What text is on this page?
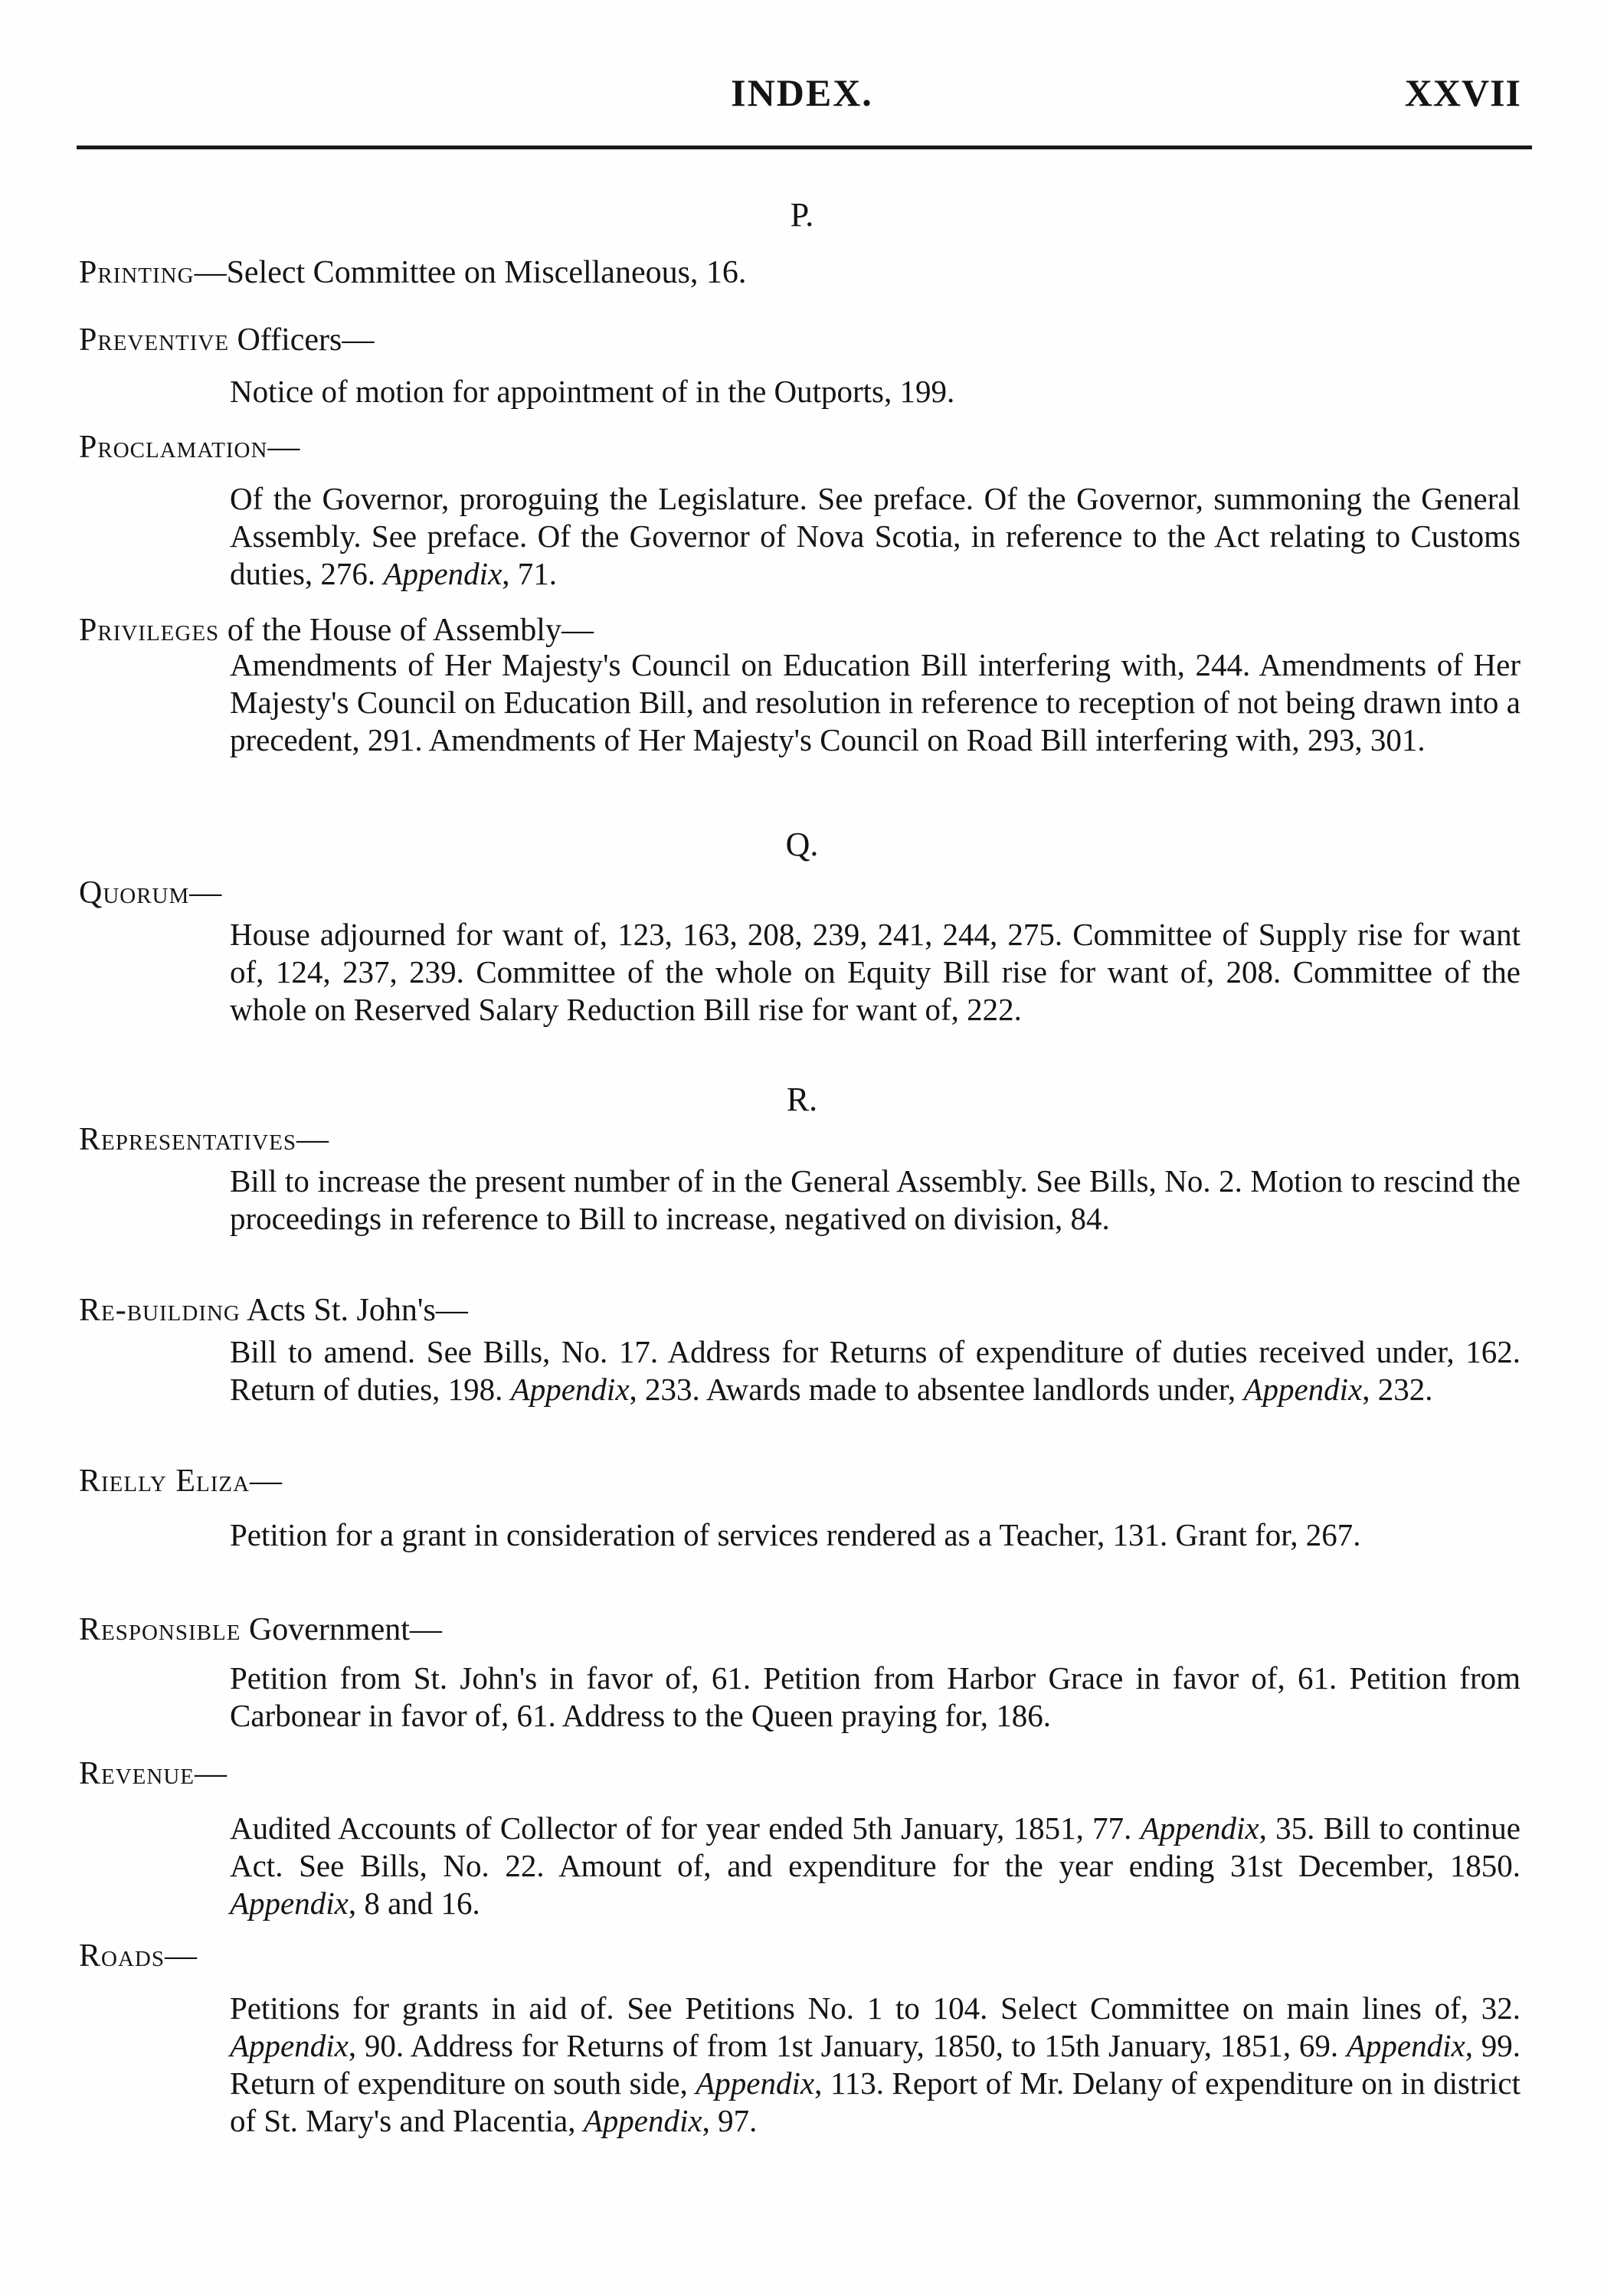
INDEX.	XXVII
P.
Printing—Select Committee on Miscellaneous, 16.
Preventive Officers—
Notice of motion for appointment of in the Outports, 199.
Proclamation—
Of the Governor, proroguing the Legislature. See preface. Of the Governor, summoning the General Assembly. See preface. Of the Governor of Nova Scotia, in reference to the Act relating to Customs duties, 276. Appendix, 71.
Privileges of the House of Assembly—
Amendments of Her Majesty's Council on Education Bill interfering with, 244. Amendments of Her Majesty's Council on Education Bill, and resolution in reference to reception of not being drawn into a precedent, 291. Amendments of Her Majesty's Council on Road Bill interfering with, 293, 301.
Q.
Quorum—
House adjourned for want of, 123, 163, 208, 239, 241, 244, 275. Committee of Supply rise for want of, 124, 237, 239. Committee of the whole on Equity Bill rise for want of, 208. Committee of the whole on Reserved Salary Reduction Bill rise for want of, 222.
R.
Representatives—
Bill to increase the present number of in the General Assembly. See Bills, No. 2. Motion to rescind the proceedings in reference to Bill to increase, negatived on division, 84.
Re-building Acts St. John's—
Bill to amend. See Bills, No. 17. Address for Returns of expenditure of duties received under, 162. Return of duties, 198. Appendix, 233. Awards made to absentee landlords under, Appendix, 232.
Rielly Eliza—
Petition for a grant in consideration of services rendered as a Teacher, 131. Grant for, 267.
Responsible Government—
Petition from St. John's in favor of, 61. Petition from Harbor Grace in favor of, 61. Petition from Carbonear in favor of, 61. Address to the Queen praying for, 186.
Revenue—
Audited Accounts of Collector of for year ended 5th January, 1851, 77. Appendix, 35. Bill to continue Act. See Bills, No. 22. Amount of, and expenditure for the year ending 31st December, 1850. Appendix, 8 and 16.
Roads—
Petitions for grants in aid of. See Petitions No. 1 to 104. Select Committee on main lines of, 32. Appendix, 90. Address for Returns of from 1st January, 1850, to 15th January, 1851, 69. Appendix, 99. Return of expenditure on south side, Appendix, 113. Report of Mr. Delany of expenditure on in district of St. Mary's and Placentia, Appendix, 97.
